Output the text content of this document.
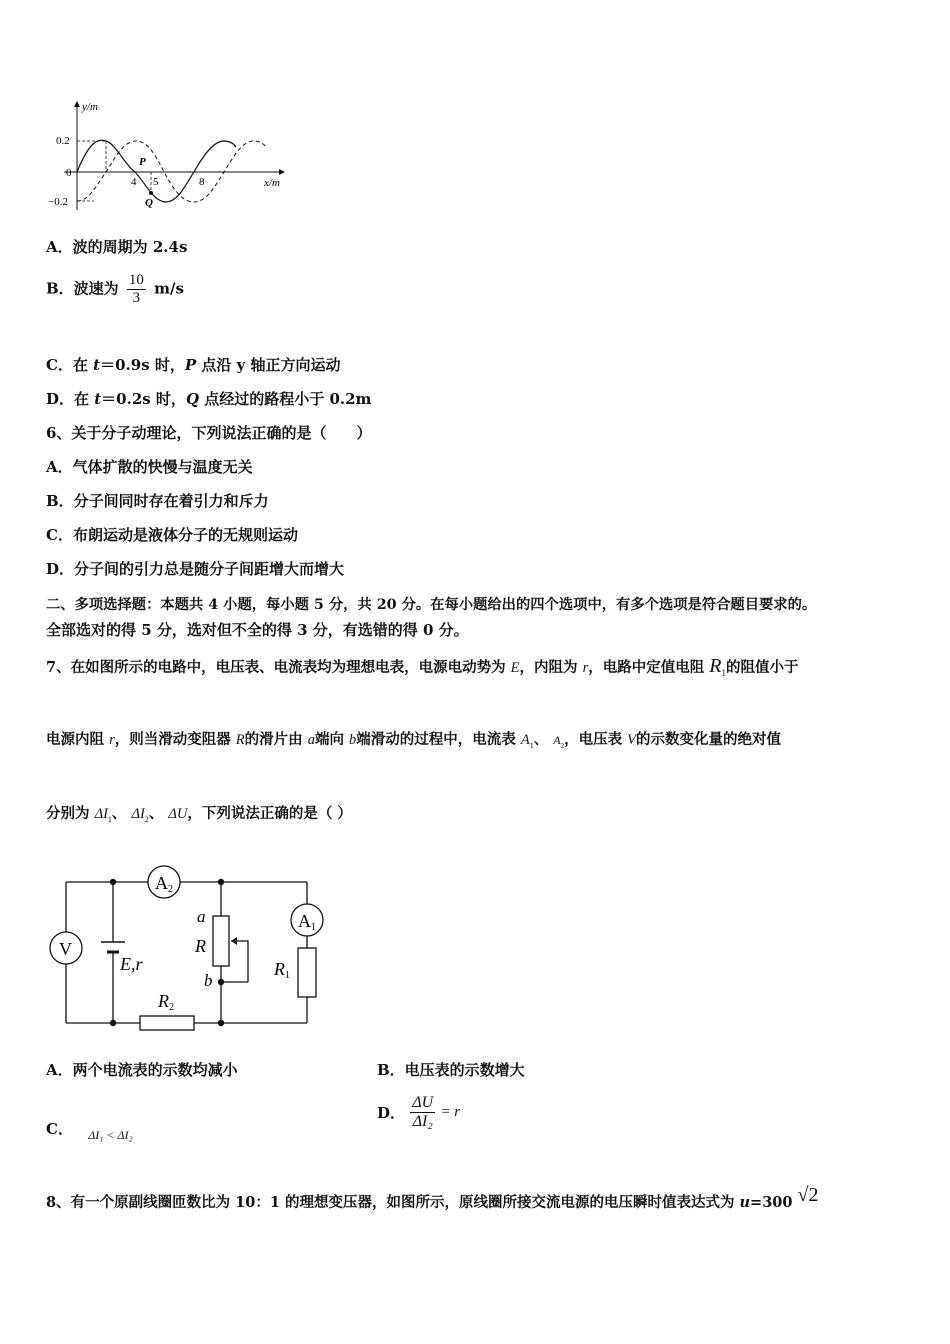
y/m
x/m
0.2
0
−0.2
4 5	8
P
Q
A．波的周期为 2.4s
B．波速为 $\frac{10}{3} m/s$
C．在 t＝0.9s 时，P 点沿 y 轴正方向运动
D．在 t＝0.2s 时，Q 点经过的路程小于 0.2m
6、关于分子动理论，下列说法正确的是（　　）
A．气体扩散的快慢与温度无关
B．分子间同时存在着引力和斥力
C．布朗运动是液体分子的无规则运动
D．分子间的引力总是随分子间距增大而增大
二、多项选择题：本题共 4 小题，每小题 5 分，共 20 分。在每小题给出的四个选项中，有多个选项是符合题目要求的。
全部选对的得 5 分，选对但不全的得 3 分，有选错的得 0 分。
7、在如图所示的电路中，电压表、电流表均为理想电表，电源电动势为 E，内阻为 r，电路中定值电阻 $R_1$的阻值小于
电源内阻 r，则当滑动变阻器 R的滑片由 a端向 b端滑动的过程中，电流表 $A_1$、 $A_2$，电压表 V的示数变化量的绝对值
分别为 $\Delta I_1$、 $\Delta I_2$、 ΔU，下列说法正确的是（ ）
A2
A1
V
E,r
a
R
b
R1
R2
A．两个电流表的示数均减小	B．电压表的示数增大
C． $_{\Delta I_1 < \Delta I_2}$
D． $\frac{\Delta U}{\text{ΔI₂}} = r$
8、有一个原副线圈匝数比为 10：1 的理想变压器，如图所示，原线圈所接交流电源的电压瞬时值表达式为 u=300 √2
